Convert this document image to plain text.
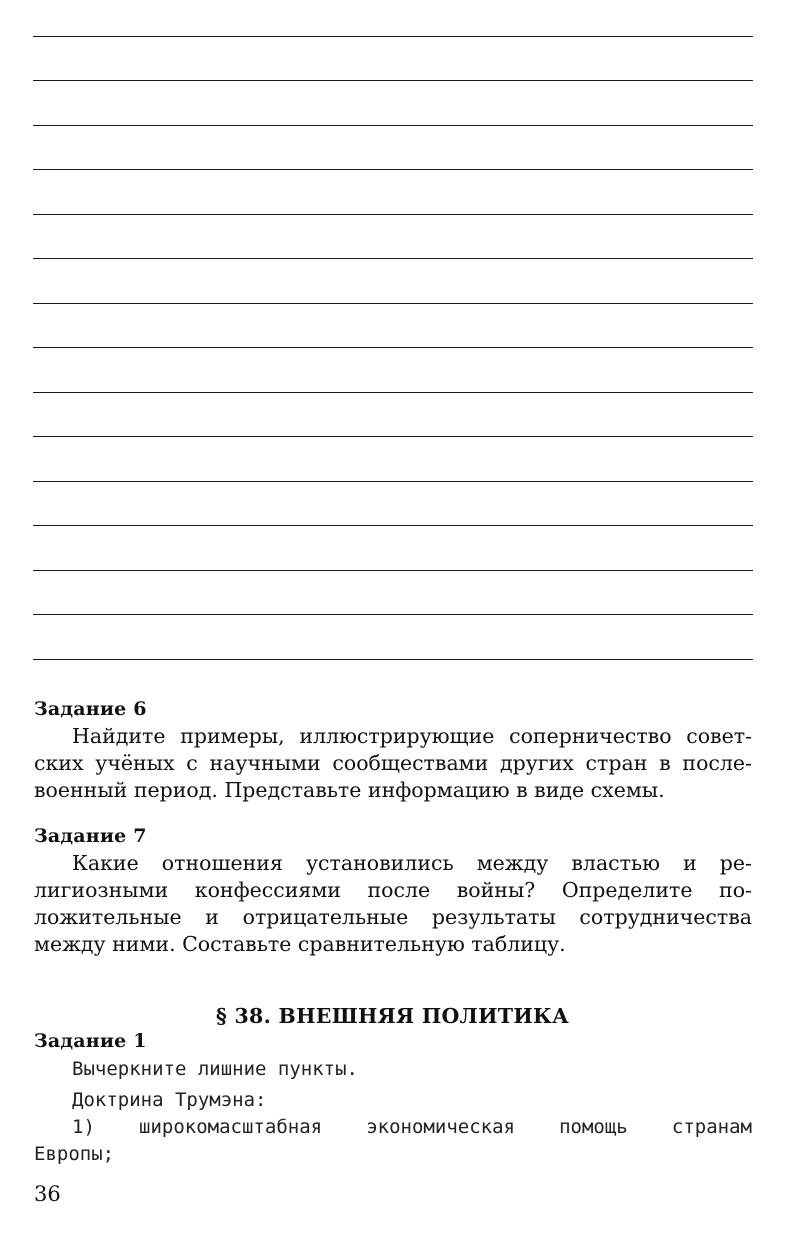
Задание 6
Найдите примеры, иллюстрирующие соперничество совет-
ских учёных с научными сообществами других стран в после-
военный период. Представьте информацию в виде схемы.
Задание 7
Какие отношения установились между властью и ре-
лигиозными конфессиями после войны? Определите по-
ложительные и отрицательные результаты сотрудничества
между ними. Составьте сравнительную таблицу.
§ 38. ВНЕШНЯЯ ПОЛИТИКА
Задание 1
Вычеркните лишние пункты.
Доктрина Трумэна:
1) широкомасштабная экономическая помощь странам
Европы;
36
